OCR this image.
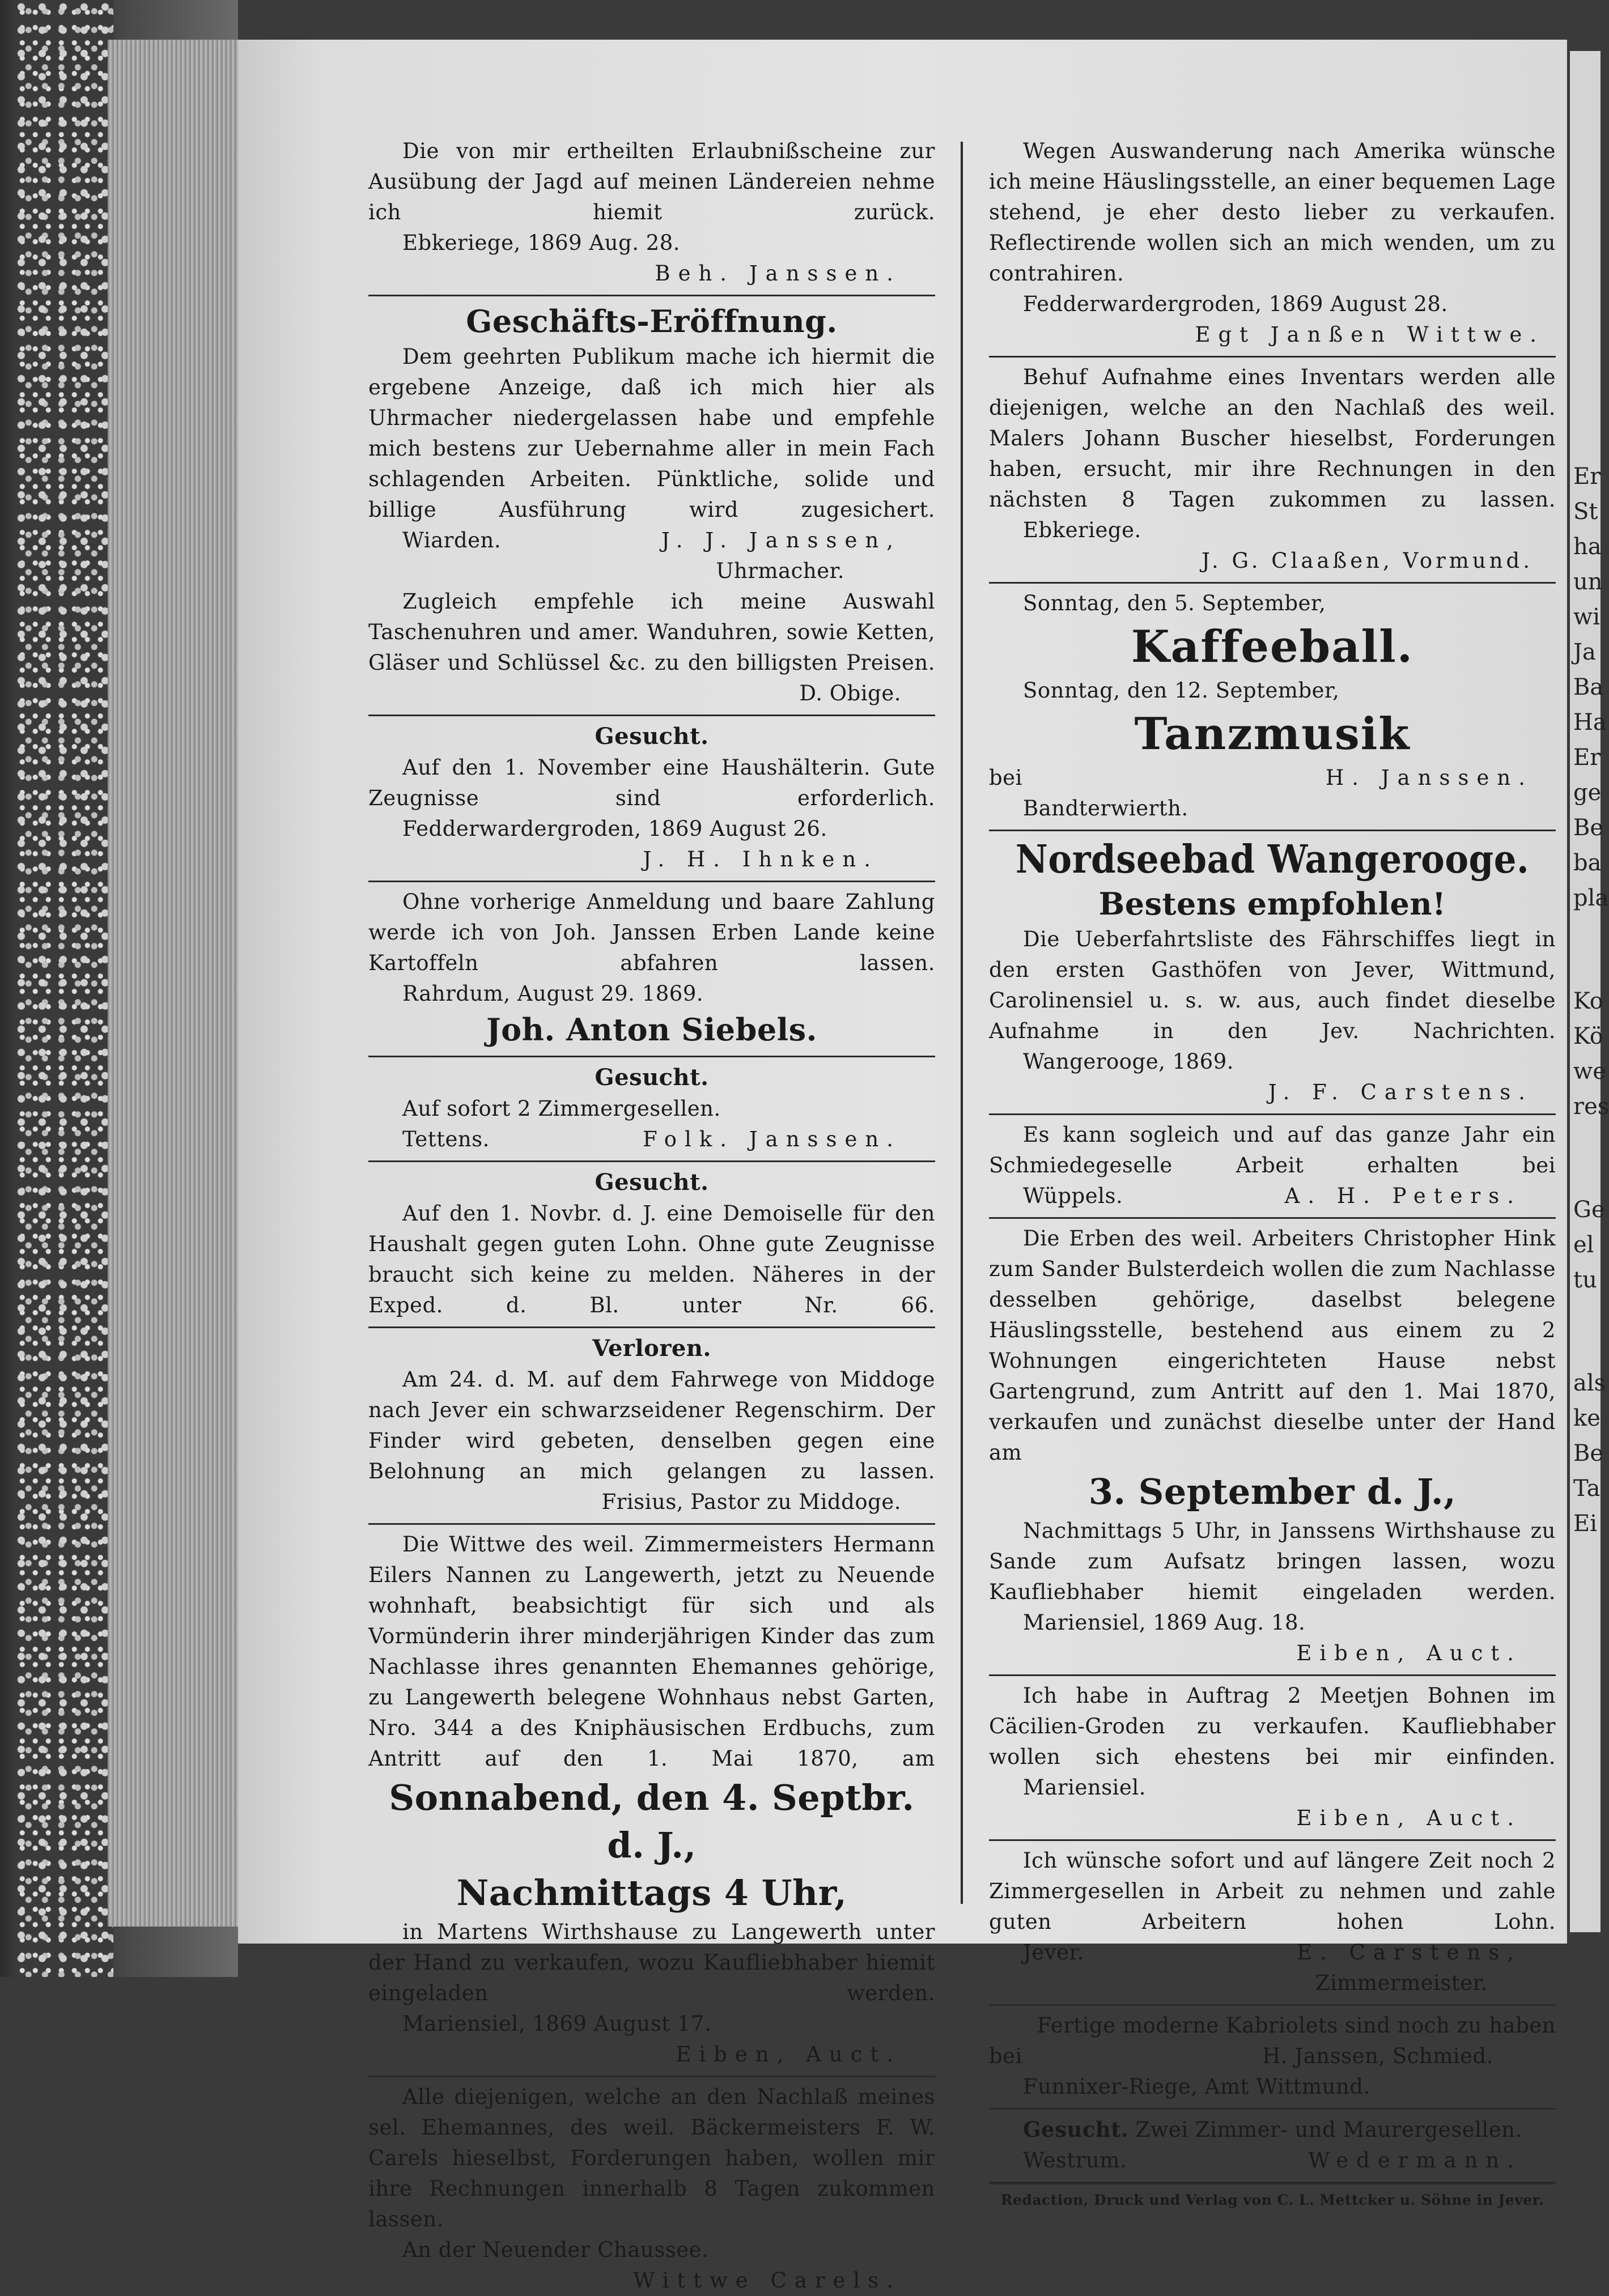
Er
St
ha
un
wi
Ja
Ba
Ha
Er
ge
Be
ba
pla
Ko
Kö
we
res
Ge
el
tu
als
ke
Be
Ta
Ei

Die von mir ertheilten Erlaubnißscheine zur Ausübung der Jagd auf meinen Ländereien nehme ich hiemit zurück.

Ebkeriege, 1869 Aug. 28.

Beh. Janssen.

Geschäfts-Eröffnung.

Dem geehrten Publikum mache ich hiermit die ergebene Anzeige, daß ich mich hier als Uhrmacher niedergelassen habe und empfehle mich bestens zur Uebernahme aller in mein Fach schlagenden Arbeiten. Pünktliche, solide und billige Ausführung wird zugesichert.

Wiarden.	J. J. Janssen,

Uhrmacher.

Zugleich empfehle ich meine Auswahl Taschenuhren und amer. Wanduhren, sowie Ketten, Gläser und Schlüssel &c. zu den billigsten Preisen.

D. Obige.

Gesucht.

Auf den 1. November eine Haushälterin. Gute Zeugnisse sind erforderlich.

Fedderwardergroden, 1869 August 26.

J. H. Ihnken.

Ohne vorherige Anmeldung und baare Zahlung werde ich von Joh. Janssen Erben Lande keine Kartoffeln abfahren lassen.

Rahrdum, August 29. 1869.

Joh. Anton Siebels.

Gesucht.

Auf sofort 2 Zimmergesellen.

Tettens.	Folk. Janssen.

Gesucht.

Auf den 1. Novbr. d. J. eine Demoiselle für den Haushalt gegen guten Lohn. Ohne gute Zeugnisse braucht sich keine zu melden. Näheres in der Exped. d. Bl. unter Nr. 66.

Verloren.

Am 24. d. M. auf dem Fahrwege von Middoge nach Jever ein schwarzseidener Regenschirm. Der Finder wird gebeten, denselben gegen eine Belohnung an mich gelangen zu lassen.

Frisius, Pastor zu Middoge.

Die Wittwe des weil. Zimmermeisters Hermann Eilers Nannen zu Langewerth, jetzt zu Neuende wohnhaft, beabsichtigt für sich und als Vormünderin ihrer minderjährigen Kinder das zum Nachlasse ihres genannten Ehemannes gehörige, zu Langewerth belegene Wohnhaus nebst Garten, Nro. 344 a des Kniphäusischen Erdbuchs, zum Antritt auf den 1. Mai 1870, am

Sonnabend, den 4. Septbr. d. J.,

Nachmittags 4 Uhr,

in Martens Wirthshause zu Langewerth unter der Hand zu verkaufen, wozu Kaufliebhaber hiemit eingeladen werden.

Mariensiel, 1869 August 17.

Eiben, Auct.

Alle diejenigen, welche an den Nachlaß meines sel. Ehemannes, des weil. Bäckermeisters F. W. Carels hieselbst, Forderungen haben, wollen mir ihre Rechnungen innerhalb 8 Tagen zukommen lassen.

An der Neuender Chaussee.

Wittwe Carels.

Wegen Auswanderung nach Amerika wünsche ich meine Häuslingsstelle, an einer bequemen Lage stehend, je eher desto lieber zu verkaufen. Reflectirende wollen sich an mich wenden, um zu contrahiren.

Fedderwardergroden, 1869 August 28.

Egt Janßen Wittwe.

Behuf Aufnahme eines Inventars werden alle diejenigen, welche an den Nachlaß des weil. Malers Johann Buscher hieselbst, Forderungen haben, ersucht, mir ihre Rechnungen in den nächsten 8 Tagen zukommen zu lassen.

Ebkeriege.

J. G. Claaßen, Vormund.

Sonntag, den 5. September,

Kaffeeball.

Sonntag, den 12. September,

Tanzmusik

bei	H. Janssen.

Bandterwierth.

Nordseebad Wangerooge.

Bestens empfohlen!

Die Ueberfahrtsliste des Fährschiffes liegt in den ersten Gasthöfen von Jever, Wittmund, Carolinensiel u. s. w. aus, auch findet dieselbe Aufnahme in den Jev. Nachrichten.

Wangerooge, 1869.

J. F. Carstens.

Es kann sogleich und auf das ganze Jahr ein Schmiedegeselle Arbeit erhalten bei

Wüppels.	A. H. Peters.

Die Erben des weil. Arbeiters Christopher Hink zum Sander Bulsterdeich wollen die zum Nachlasse desselben gehörige, daselbst belegene Häuslingsstelle, bestehend aus einem zu 2 Wohnungen eingerichteten Hause nebst Gartengrund, zum Antritt auf den 1. Mai 1870, verkaufen und zunächst dieselbe unter der Hand am

3. September d. J.,

Nachmittags 5 Uhr, in Janssens Wirthshause zu Sande zum Aufsatz bringen lassen, wozu Kaufliebhaber hiemit eingeladen werden.

Mariensiel, 1869 Aug. 18.

Eiben, Auct.

Ich habe in Auftrag 2 Meetjen Bohnen im Cäcilien-Groden zu verkaufen. Kaufliebhaber wollen sich ehestens bei mir einfinden.

Mariensiel.

Eiben, Auct.

Ich wünsche sofort und auf längere Zeit noch 2 Zimmergesellen in Arbeit zu nehmen und zahle guten Arbeitern hohen Lohn.

Jever.	E. Carstens,

Zimmermeister.

Fertige moderne Kabriolets sind noch zu haben

bei	H. Janssen, Schmied.

Funnixer-Riege, Amt Wittmund.

Gesucht. Zwei Zimmer- und Maurergesellen.

Westrum.	Wedermann.

Redaction, Druck und Verlag von C. L. Mettcker u. Söhne in Jever.
